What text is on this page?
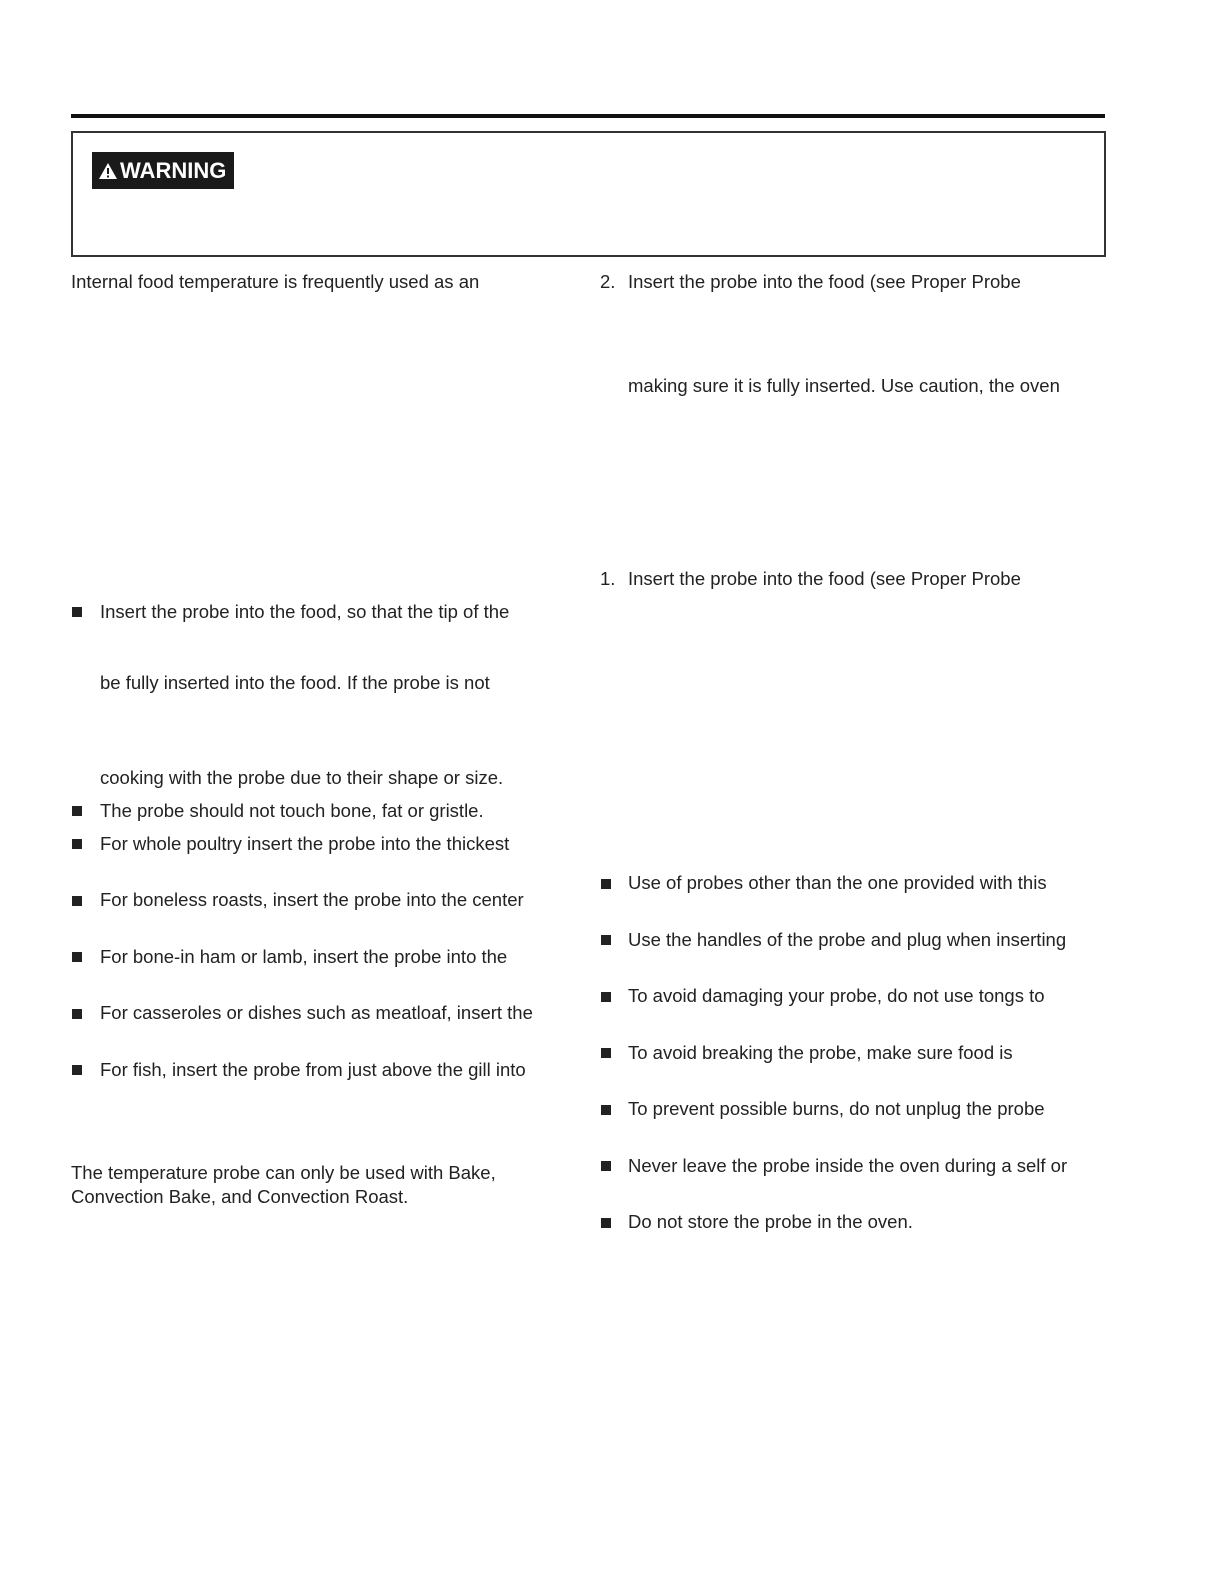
WARNING
Internal food temperature is frequently used as an
Insert the probe into the food, so that the tip of the
be fully inserted into the food. If the probe is not
cooking with the probe due to their shape or size.
The probe should not touch bone, fat or gristle.
For whole poultry insert the probe into the thickest
For boneless roasts, insert the probe into the center
For bone-in ham or lamb, insert the probe into the
For casseroles or dishes such as meatloaf, insert the
For fish, insert the probe from just above the gill into
The temperature probe can only be used with Bake,
Convection Bake, and Convection Roast.
2. Insert the probe into the food (see Proper Probe
making sure it is fully inserted. Use caution, the oven
1. Insert the probe into the food (see Proper Probe
Use of probes other than the one provided with this
Use the handles of the probe and plug when inserting
To avoid damaging your probe, do not use tongs to
To avoid breaking the probe, make sure food is
To prevent possible burns, do not unplug the probe
Never leave the probe inside the oven during a self or
Do not store the probe in the oven.
